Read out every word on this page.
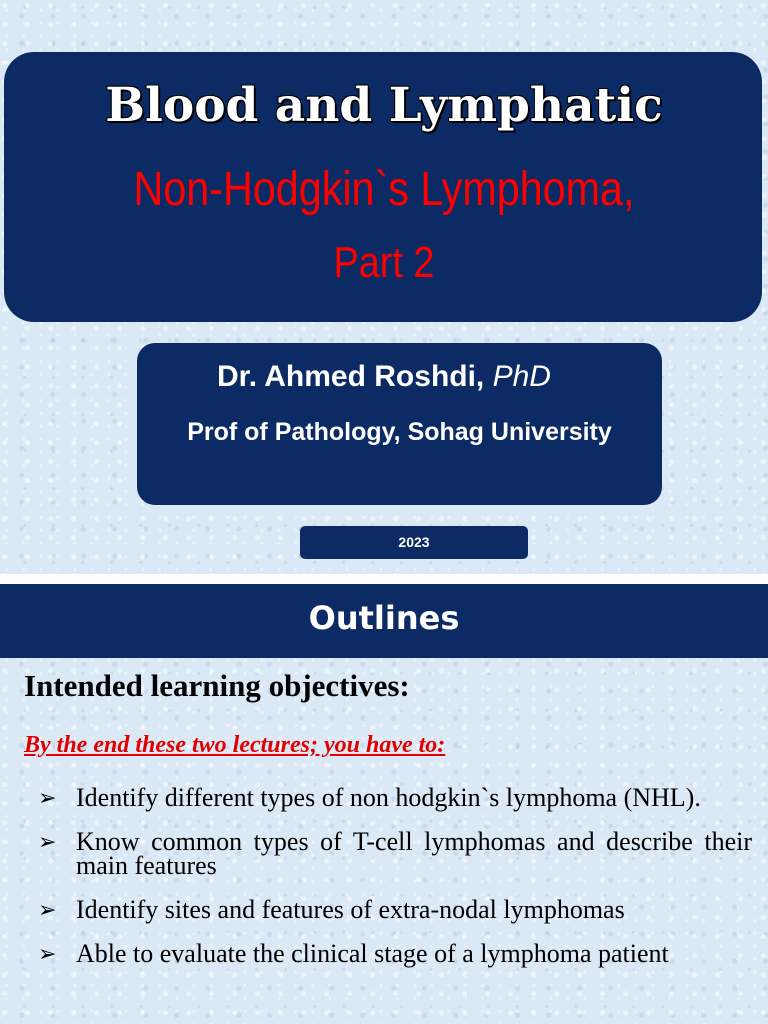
Blood and Lymphatic
Non-Hodgkin`s Lymphoma,
Part 2
Dr. Ahmed Roshdi, PhD
Prof of Pathology, Sohag University
2023
Outlines
Intended learning objectives:
By the end these two lectures; you have to:
➢ Identify different types of non hodgkin`s lymphoma (NHL).
➢ Know common types of T-cell lymphomas and describe their main features
➢ Identify sites and features of extra-nodal lymphomas
➢ Able to evaluate the clinical stage of a lymphoma patient
